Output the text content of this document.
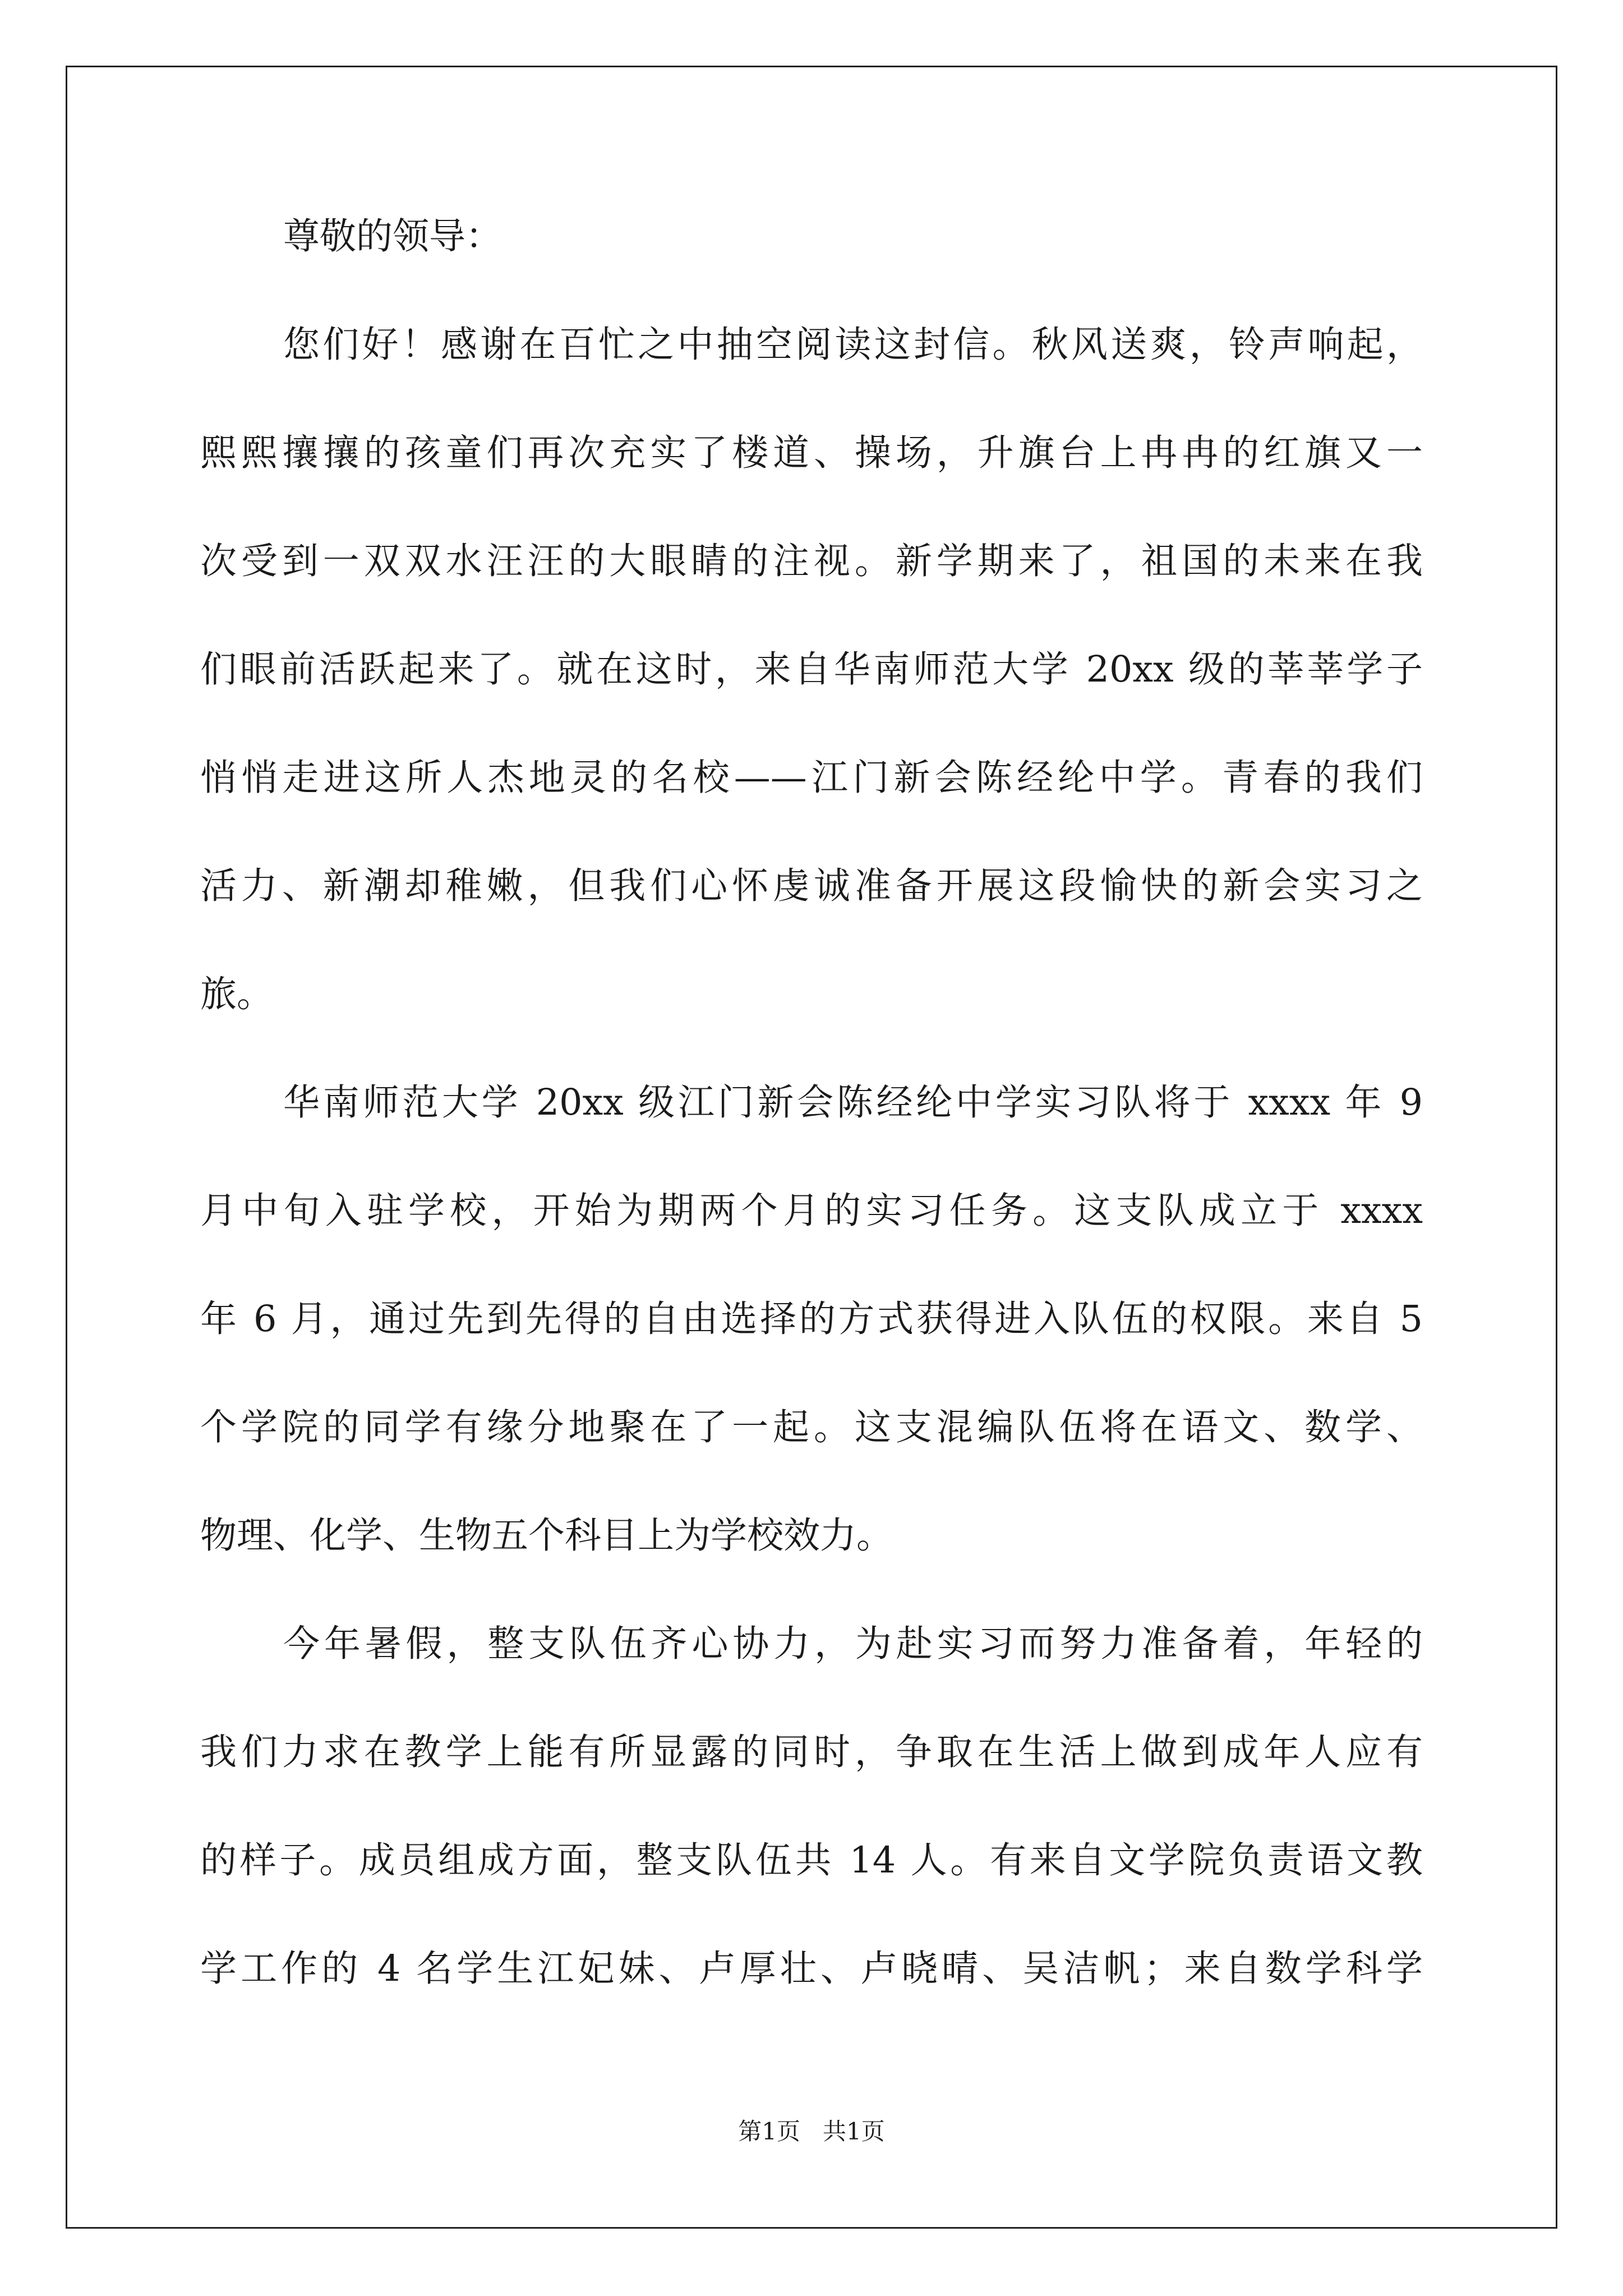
尊敬的领导：
您们好！感谢在百忙之中抽空阅读这封信。秋风送爽，铃声响起，
熙熙攘攘的孩童们再次充实了楼道、操场，升旗台上冉冉的红旗又一
次受到一双双水汪汪的大眼睛的注视。新学期来了，祖国的未来在我
们眼前活跃起来了。就在这时，来自华南师范大学 20xx 级的莘莘学子
悄悄走进这所人杰地灵的名校——江门新会陈经纶中学。青春的我们
活力、新潮却稚嫩，但我们心怀虔诚准备开展这段愉快的新会实习之
旅。
华南师范大学 20xx 级江门新会陈经纶中学实习队将于 xxxx 年 9
月中旬入驻学校，开始为期两个月的实习任务。这支队成立于 xxxx
年 6 月，通过先到先得的自由选择的方式获得进入队伍的权限。来自 5
个学院的同学有缘分地聚在了一起。这支混编队伍将在语文、数学、
物理、化学、生物五个科目上为学校效力。
今年暑假，整支队伍齐心协力，为赴实习而努力准备着，年轻的
我们力求在教学上能有所显露的同时，争取在生活上做到成年人应有
的样子。成员组成方面，整支队伍共 14 人。有来自文学院负责语文教
学工作的 4 名学生江妃妹、卢厚壮、卢晓晴、吴洁帆；来自数学科学
第1页 共1页
